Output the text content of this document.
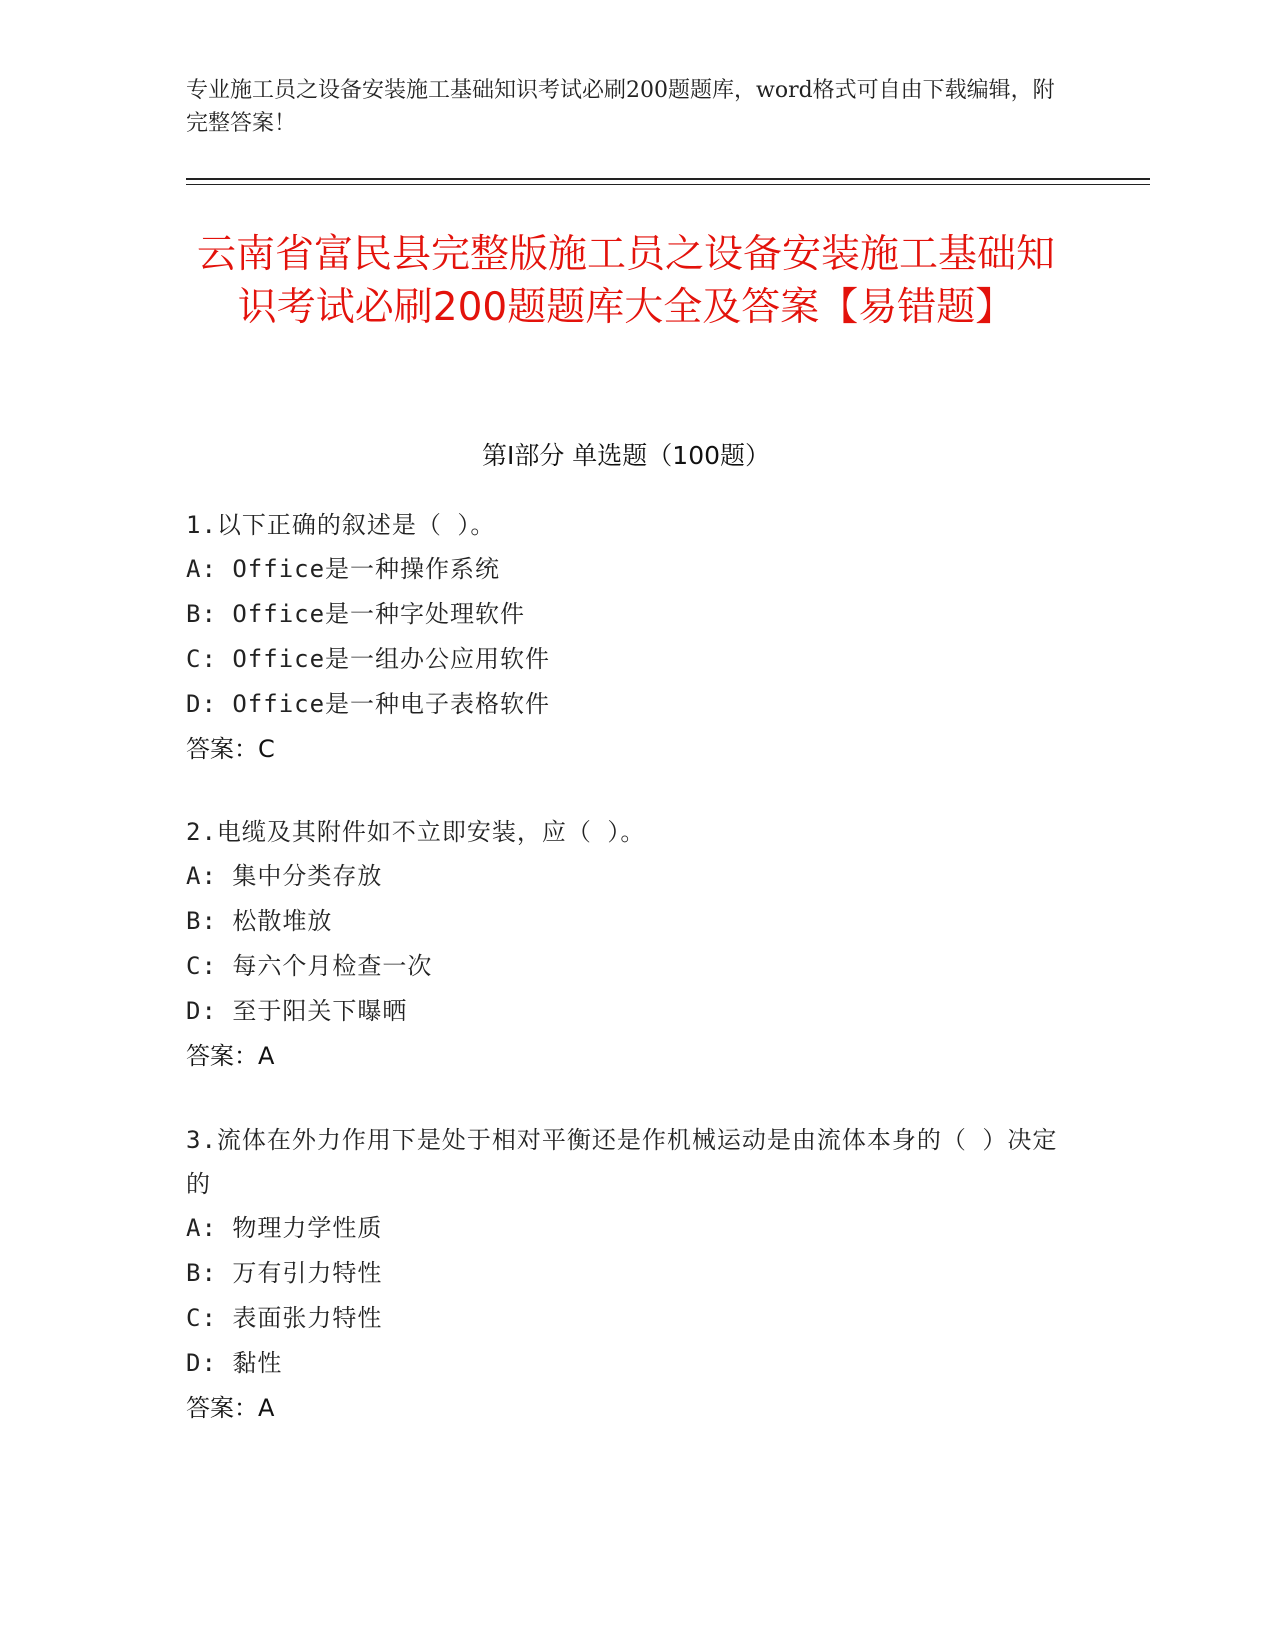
专业施工员之设备安装施工基础知识考试必刷200题题库，word格式可自由下载编辑，附完整答案！
云南省富民县完整版施工员之设备安装施工基础知识考试必刷200题题库大全及答案【易错题】
第I部分 单选题（100题）
1.以下正确的叙述是（ ）。
A: Office是一种操作系统
B: Office是一种字处理软件
C: Office是一组办公应用软件
D: Office是一种电子表格软件
答案：C
2.电缆及其附件如不立即安装，应（ ）。
A: 集中分类存放
B: 松散堆放
C: 每六个月检查一次
D: 至于阳关下曝晒
答案：A
3.流体在外力作用下是处于相对平衡还是作机械运动是由流体本身的（ ）决定的
A: 物理力学性质
B: 万有引力特性
C: 表面张力特性
D: 黏性
答案：A
